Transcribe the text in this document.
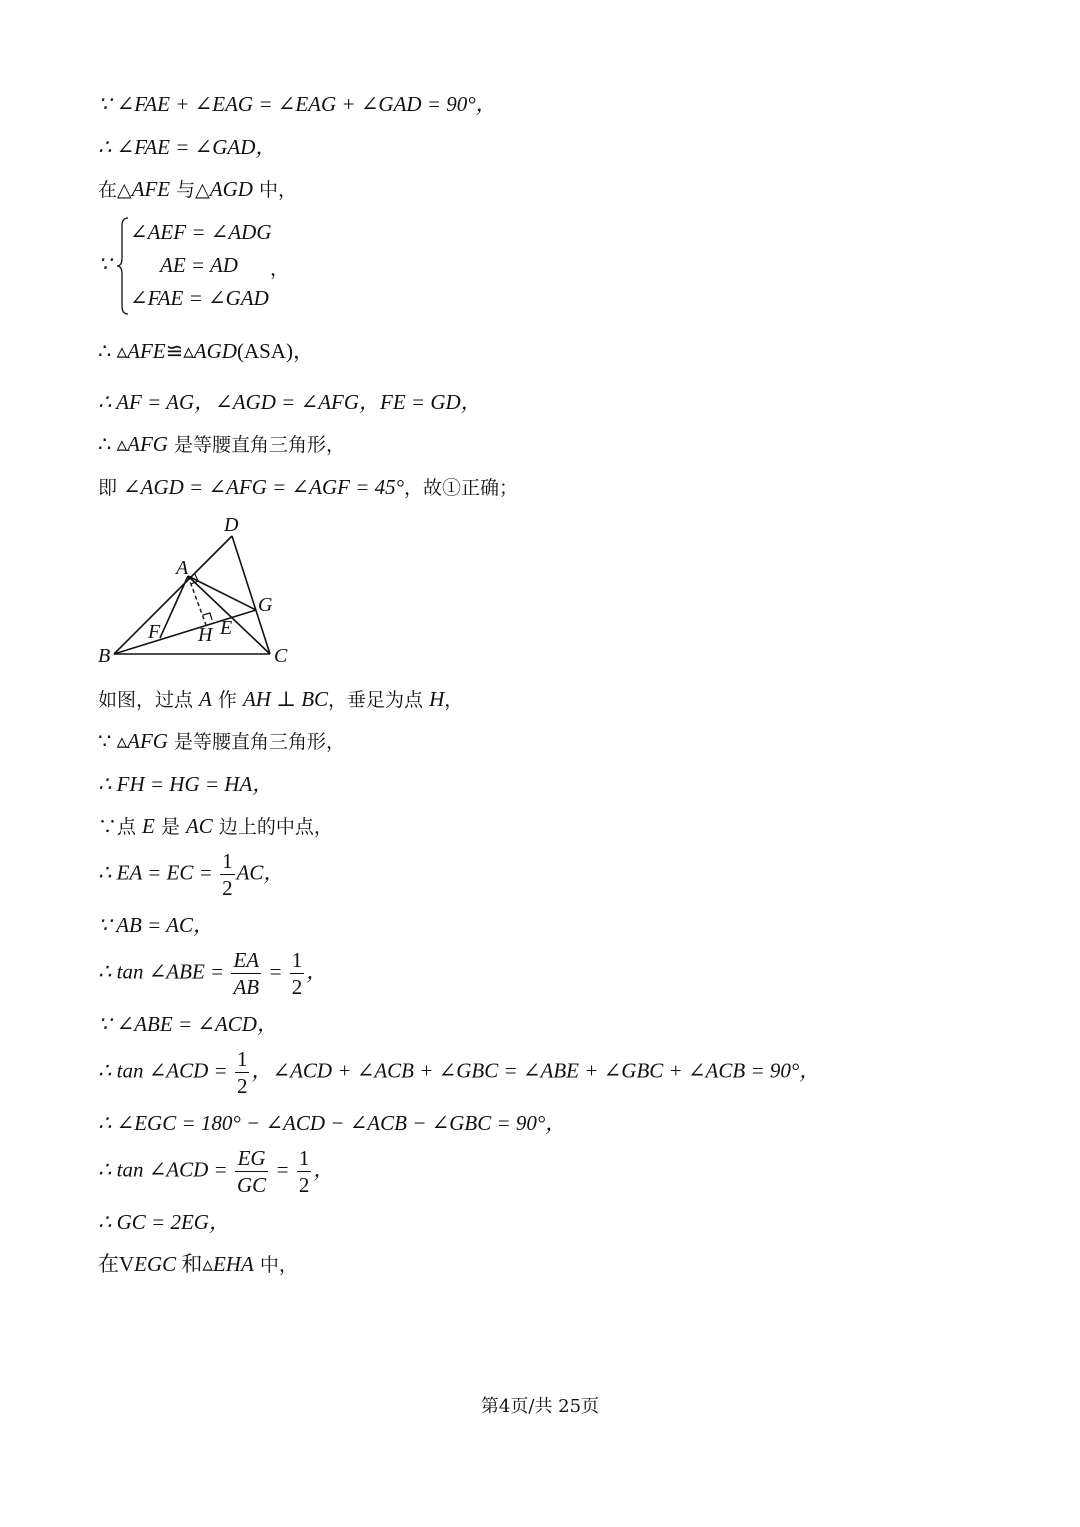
∵ ∠FAE + ∠EAG = ∠EAG + ∠GAD = 90°，
∴ ∠FAE = ∠GAD，
在△AFE 与△AGD 中，
∵
∠AEF = ∠ADG
AE = AD
∠FAE = ∠GAD
，
∴ ▵AFE≌▵AGD(ASA)，
∴ AF = AG，∠AGD = ∠AFG，FE = GD，
∴ ▵AFG 是等腰直角三角形，
即 ∠AGD = ∠AFG = ∠AGF = 45°，故①正确；
D
A
G
F H E
B	C
如图，过点 A 作 AH ⊥ BC，垂足为点 H，
∵ ▵AFG 是等腰直角三角形，
∴ FH = HG = HA，
∵点 E 是 AC 边上的中点，
∴ EA = EC = $\frac{1}{2}$ AC，
∵ AB = AC，
∴ tan ∠ABE = $\frac{EA}{AB} = \frac{1}{2}$ ，
∵ ∠ABE = ∠ACD，
∴ tan ∠ACD = $\frac{1}{2}$ ，∠ACD + ∠ACB + ∠GBC = ∠ABE + ∠GBC + ∠ACB = 90°，
∴ ∠EGC = 180° − ∠ACD − ∠ACB − ∠GBC = 90°，
∴ tan ∠ACD = $\frac{EG}{GC} = \frac{1}{2}$ ，
∴ GC = 2EG，
在VEGC 和▵EHA 中，
第4页/共 25页
